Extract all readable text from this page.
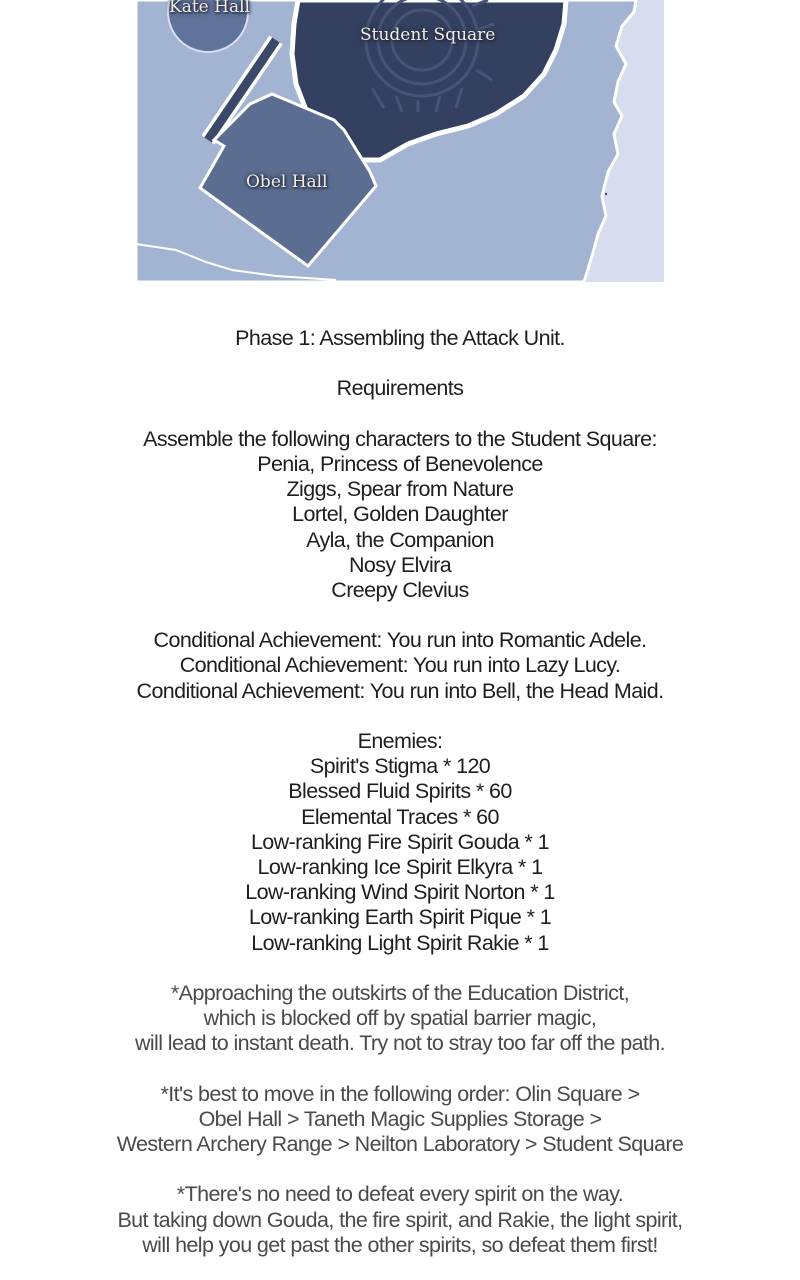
Kate Hall
Student Square
Obel Hall
Phase 1: Assembling the Attack Unit.
Requirements
Assemble the following characters to the Student Square:
Penia, Princess of Benevolence
Ziggs, Spear from Nature
Lortel, Golden Daughter
Ayla, the Companion
Nosy Elvira
Creepy Clevius
Conditional Achievement: You run into Romantic Adele.
Conditional Achievement: You run into Lazy Lucy.
Conditional Achievement: You run into Bell, the Head Maid.
Enemies:
Spirit's Stigma * 120
Blessed Fluid Spirits * 60
Elemental Traces * 60
Low-ranking Fire Spirit Gouda * 1
Low-ranking Ice Spirit Elkyra * 1
Low-ranking Wind Spirit Norton * 1
Low-ranking Earth Spirit Pique * 1
Low-ranking Light Spirit Rakie * 1
*Approaching the outskirts of the Education District,
which is blocked off by spatial barrier magic,
will lead to instant death. Try not to stray too far off the path.
*It's best to move in the following order: Olin Square >
Obel Hall > Taneth Magic Supplies Storage >
Western Archery Range > Neilton Laboratory > Student Square
*There's no need to defeat every spirit on the way.
But taking down Gouda, the fire spirit, and Rakie, the light spirit,
will help you get past the other spirits, so defeat them first!
